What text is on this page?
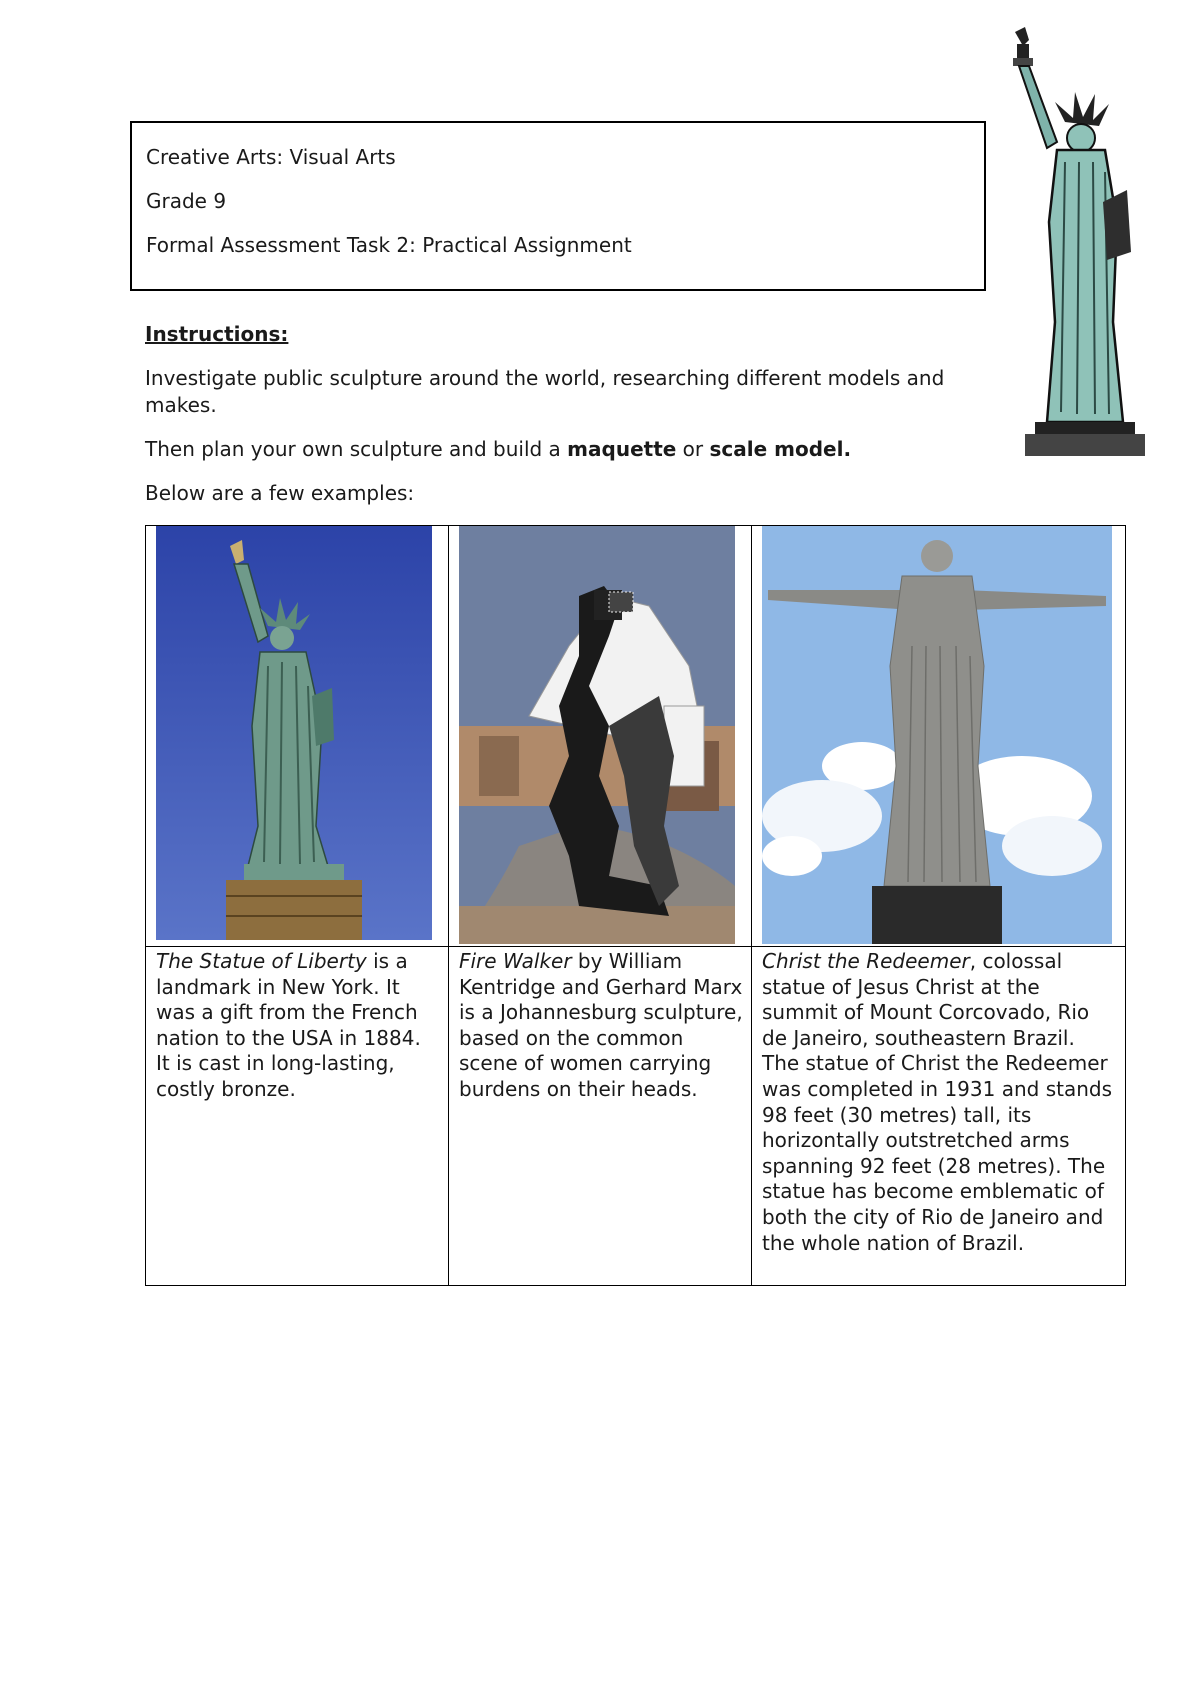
Creative Arts: Visual Arts

Grade 9

Formal Assessment Task 2: Practical Assignment

Instructions:

Investigate public sculpture around the world, researching different models and makes.

Then plan your own sculpture and build a maquette or scale model.

Below are a few examples:

The Statue of Liberty is a landmark in New York. It was a gift from the French nation to the USA in 1884. It is cast in long-lasting, costly bronze.	Fire Walker by William Kentridge and Gerhard Marx is a Johannesburg sculpture, based on the common scene of women carrying burdens on their heads.	Christ the Redeemer, colossal statue of Jesus Christ at the summit of Mount Corcovado, Rio de Janeiro, southeastern Brazil. The statue of Christ the Redeemer was completed in 1931 and stands 98 feet (30 metres) tall, its horizontally outstretched arms spanning 92 feet (28 metres). The statue has become emblematic of both the city of Rio de Janeiro and the whole nation of Brazil.
